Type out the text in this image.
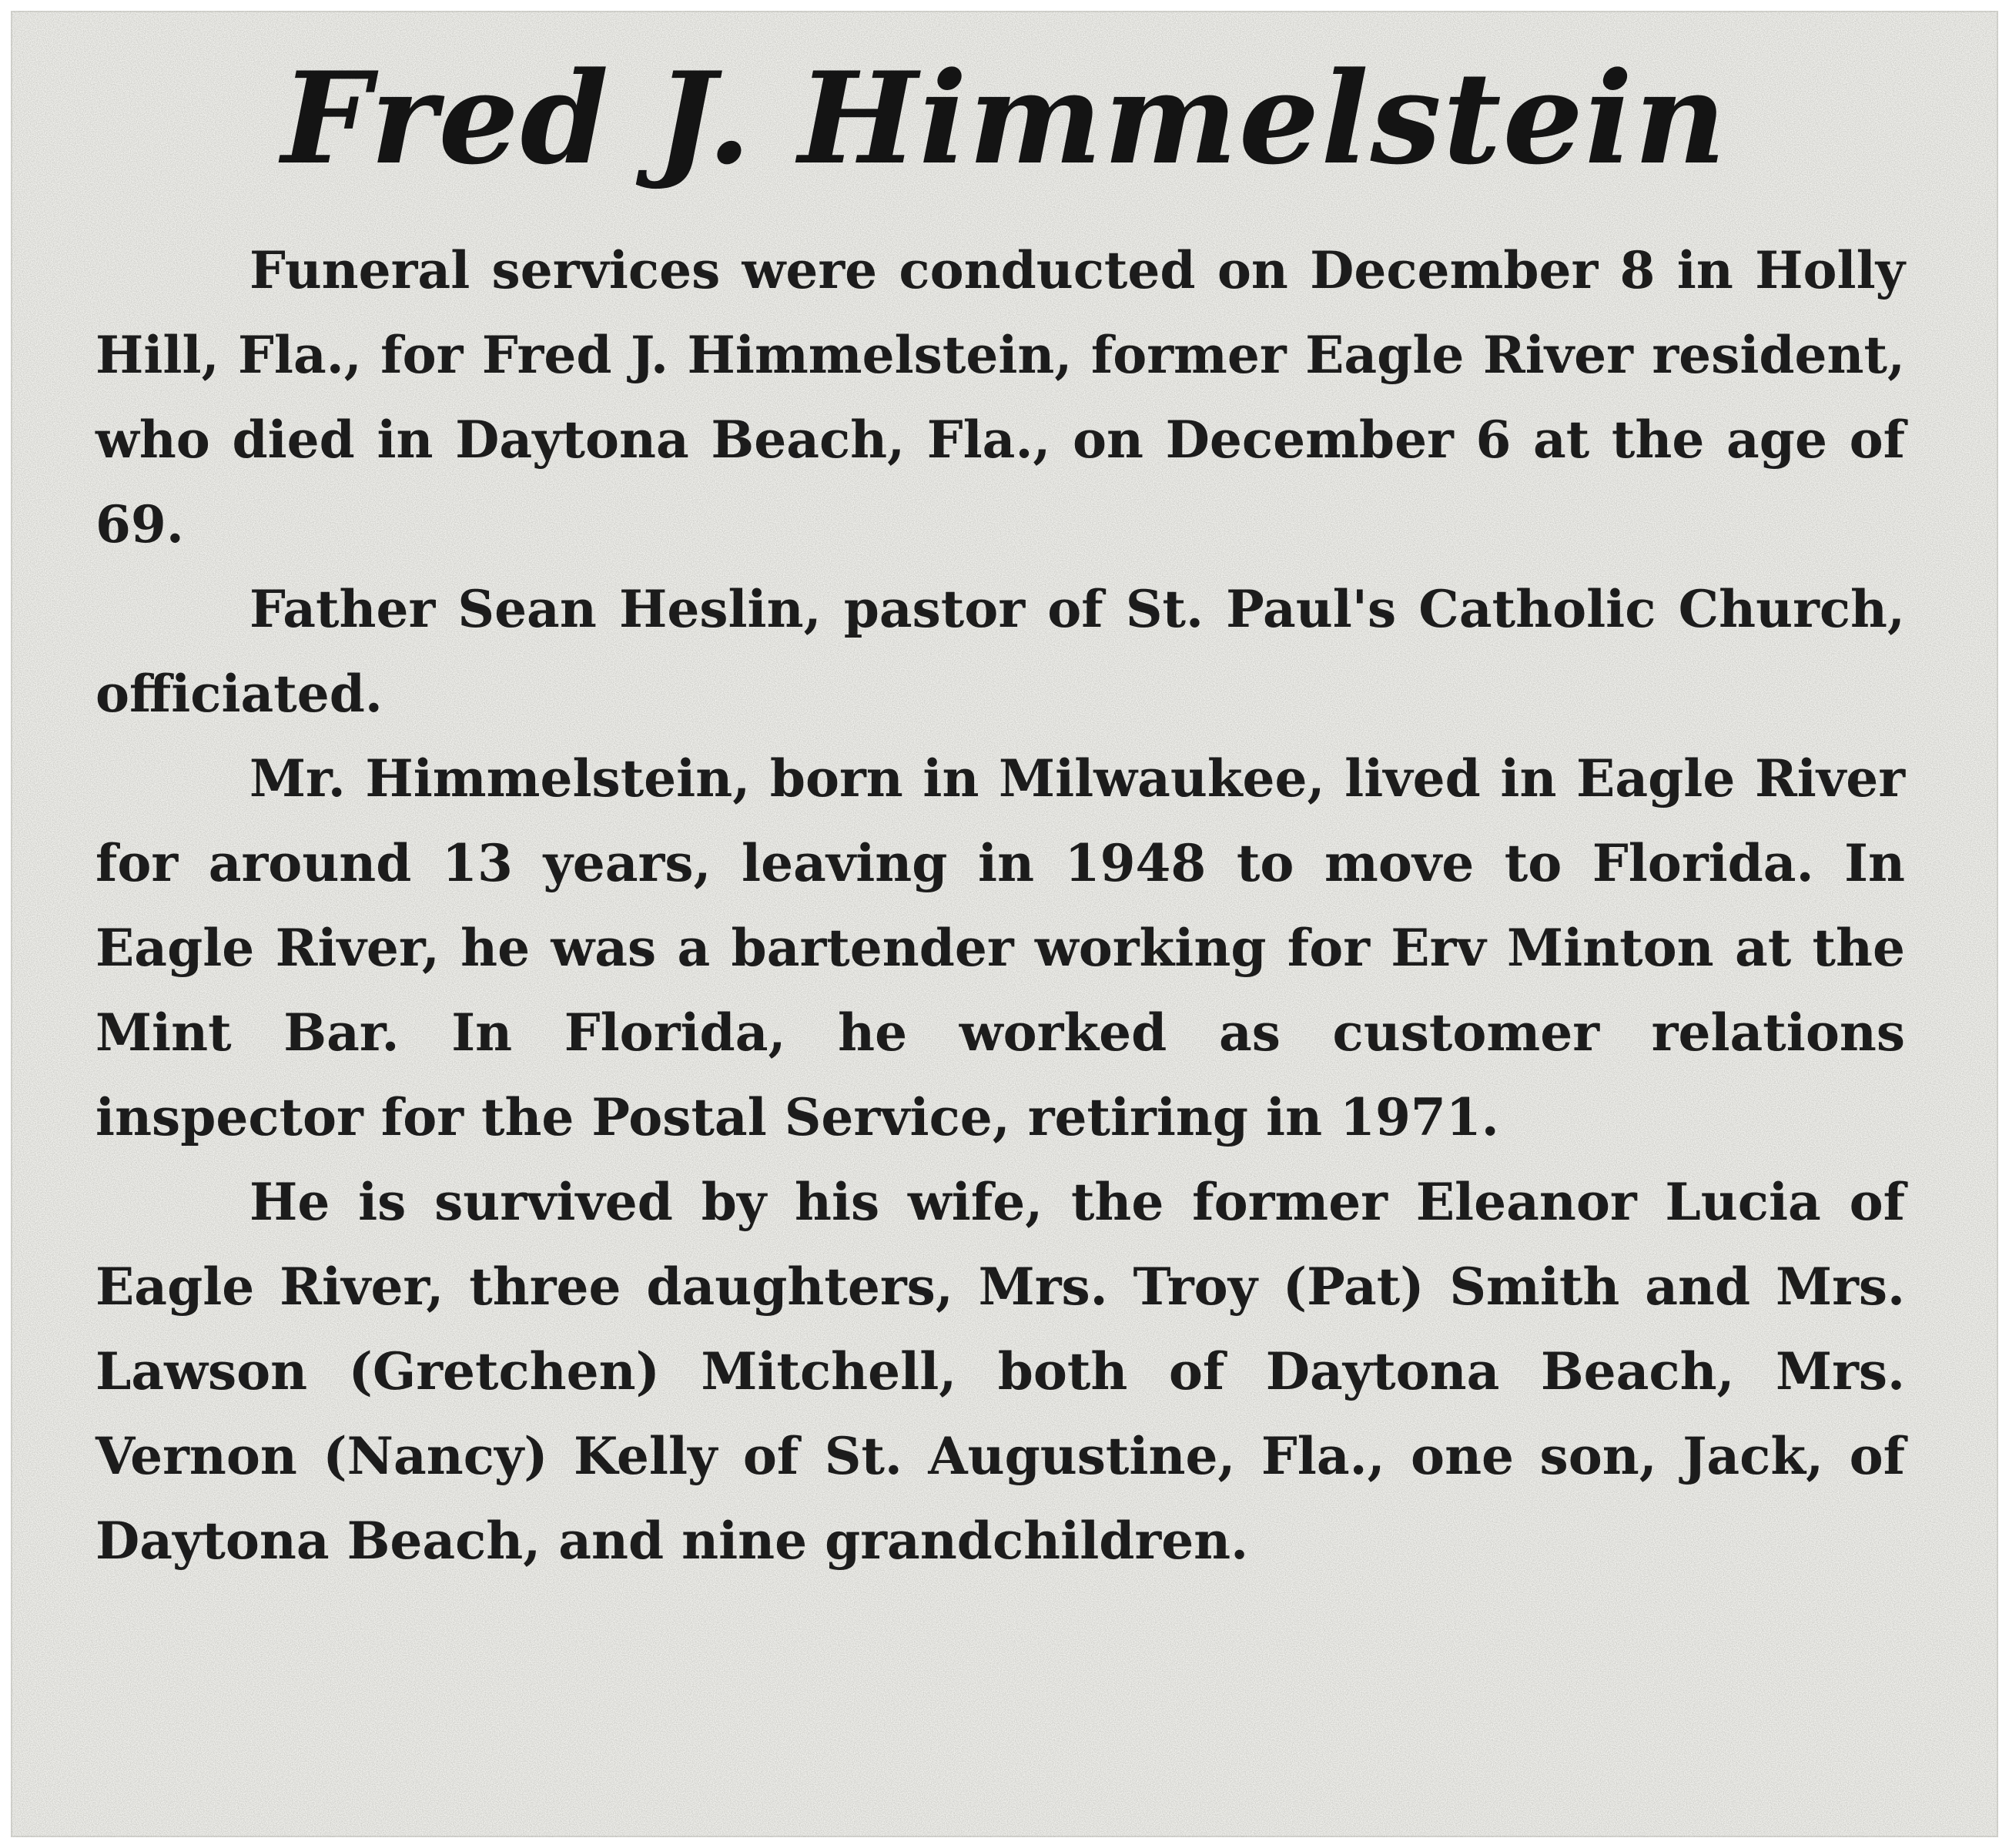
Fred J. Himmelstein

Funeral services were conducted on December 8 in Holly Hill, Fla., for Fred J. Himmelstein, former Eagle River resident, who died in Daytona Beach, Fla., on December 6 at the age of 69.

Father Sean Heslin, pastor of St. Paul's Catholic Church, officiated.

Mr. Himmelstein, born in Milwaukee, lived in Eagle River for around 13 years, leaving in 1948 to move to Florida. In Eagle River, he was a bartender working for Erv Minton at the Mint Bar. In Florida, he worked as customer relations inspector for the Postal Service, retiring in 1971.

He is survived by his wife, the former Eleanor Lucia of Eagle River, three daughters, Mrs. Troy (Pat) Smith and Mrs. Lawson (Gretchen) Mitchell, both of Daytona Beach, Mrs. Vernon (Nancy) Kelly of St. Augustine, Fla., one son, Jack, of Daytona Beach, and nine grandchildren.
